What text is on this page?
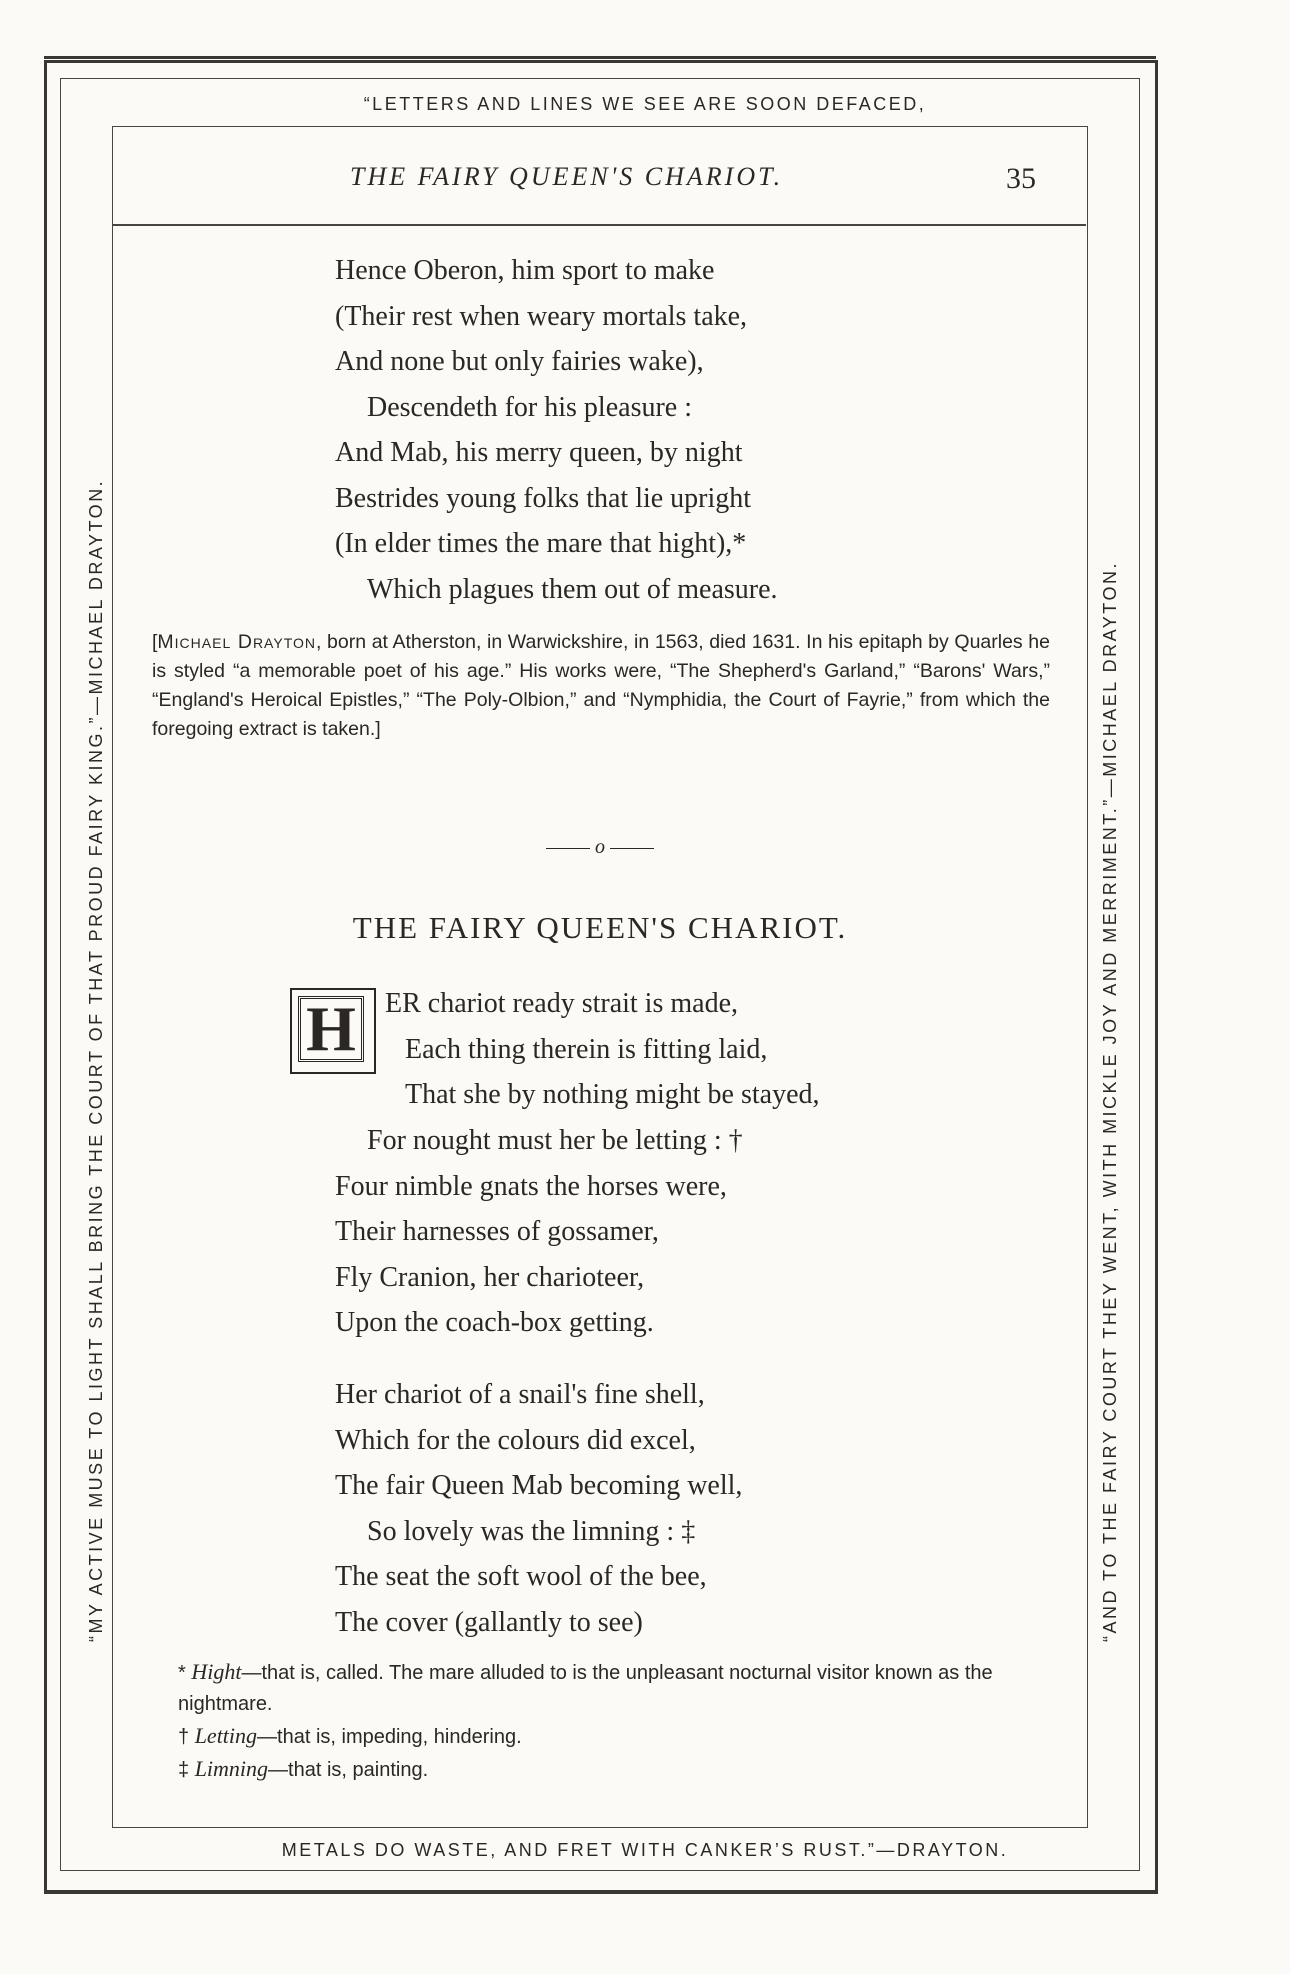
“LETTERS AND LINES WE SEE ARE SOON DEFACED,
METALS DO WASTE, AND FRET WITH CANKER’S RUST.”—DRAYTON.
“MY ACTIVE MUSE TO LIGHT SHALL BRING THE COURT OF THAT PROUD FAIRY KING.”—MICHAEL DRAYTON.	“AND TO THE FAIRY COURT THEY WENT, WITH MICKLE JOY AND MERRIMENT.”—MICHAEL DRAYTON.
THE FAIRY QUEEN'S CHARIOT.	35
Hence Oberon, him sport to make
(Their rest when weary mortals take,
And none but only fairies wake),
Descendeth for his pleasure :
And Mab, his merry queen, by night
Bestrides young folks that lie upright
(In elder times the mare that hight),*
Which plagues them out of measure.
[Michael Drayton, born at Atherston, in Warwickshire, in 1563, died 1631. In his epitaph by Quarles he is styled “a memorable poet of his age.” His works were, “The Shepherd's Garland,” “Barons' Wars,” “England's Heroical Epistles,” “The Poly-Olbion,” and “Nymphidia, the Court of Fayrie,” from which the foregoing extract is taken.]
o
THE FAIRY QUEEN'S CHARIOT.
H ER chariot ready strait is made,
Each thing therein is fitting laid,
That she by nothing might be stayed,
For nought must her be letting : †
Four nimble gnats the horses were,
Their harnesses of gossamer,
Fly Cranion, her charioteer,
Upon the coach-box getting.
Her chariot of a snail's fine shell,
Which for the colours did excel,
The fair Queen Mab becoming well,
So lovely was the limning : ‡
The seat the soft wool of the bee,
The cover (gallantly to see)
* Hight—that is, called. The mare alluded to is the unpleasant nocturnal visitor known as the nightmare.
† Letting—that is, impeding, hindering.
‡ Limning—that is, painting.
